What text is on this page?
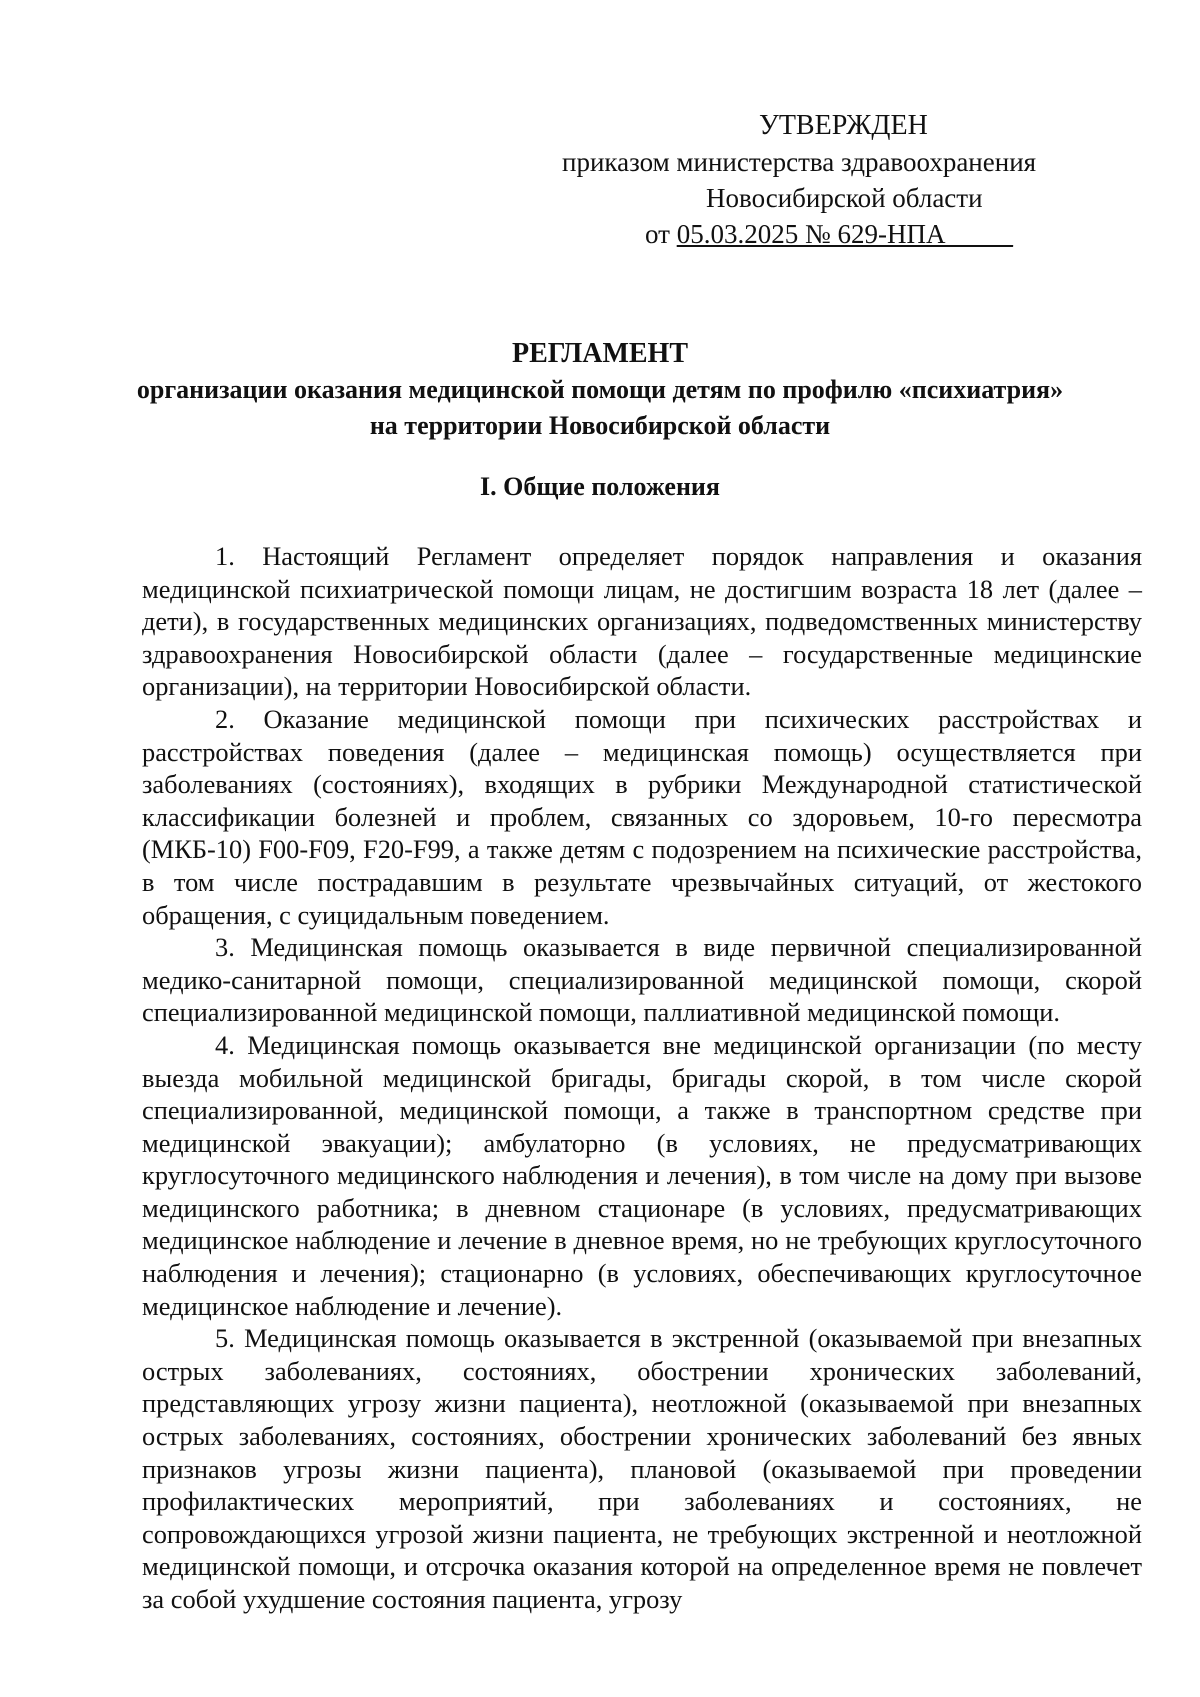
УТВЕРЖДЕН
приказом министерства здравоохранения
Новосибирской области
от 05.03.2025 № 629-НПА_____
РЕГЛАМЕНТ
организации оказания медицинской помощи детям по профилю «психиатрия»
на территории Новосибирской области
I. Общие положения

1. Настоящий Регламент определяет порядок направления и оказания медицинской психиатрической помощи лицам, не достигшим возраста 18 лет (далее – дети), в государственных медицинских организациях, подведомственных министерству здравоохранения Новосибирской области (далее – государственные медицинские организации), на территории Новосибирской области.

2. Оказание медицинской помощи при психических расстройствах и расстройствах поведения (далее – медицинская помощь) осуществляется при заболеваниях (состояниях), входящих в рубрики Международной статистической классификации болезней и проблем, связанных со здоровьем, 10-го пересмотра (МКБ-10) F00-F09, F20-F99, а также детям с подозрением на психические расстройства, в том числе пострадавшим в результате чрезвычайных ситуаций, от жестокого обращения, с суицидальным поведением.

3. Медицинская помощь оказывается в виде первичной специализированной медико-санитарной помощи, специализированной медицинской помощи, скорой специализированной медицинской помощи, паллиативной медицинской помощи.

4. Медицинская помощь оказывается вне медицинской организации (по месту выезда мобильной медицинской бригады, бригады скорой, в том числе скорой специализированной, медицинской помощи, а также в транспортном средстве при медицинской эвакуации); амбулаторно (в условиях, не предусматривающих круглосуточного медицинского наблюдения и лечения), в том числе на дому при вызове медицинского работника; в дневном стационаре (в условиях, предусматривающих медицинское наблюдение и лечение в дневное время, но не требующих круглосуточного наблюдения и лечения); стационарно (в условиях, обеспечивающих круглосуточное медицинское наблюдение и лечение).

5. Медицинская помощь оказывается в экстренной (оказываемой при внезапных острых заболеваниях, состояниях, обострении хронических заболеваний, представляющих угрозу жизни пациента), неотложной (оказываемой при внезапных острых заболеваниях, состояниях, обострении хронических заболеваний без явных признаков угрозы жизни пациента), плановой (оказываемой при проведении профилактических мероприятий, при заболеваниях и состояниях, не сопровождающихся угрозой жизни пациента, не требующих экстренной и неотложной медицинской помощи, и отсрочка оказания которой на определенное время не повлечет за собой ухудшение состояния пациента, угрозу
